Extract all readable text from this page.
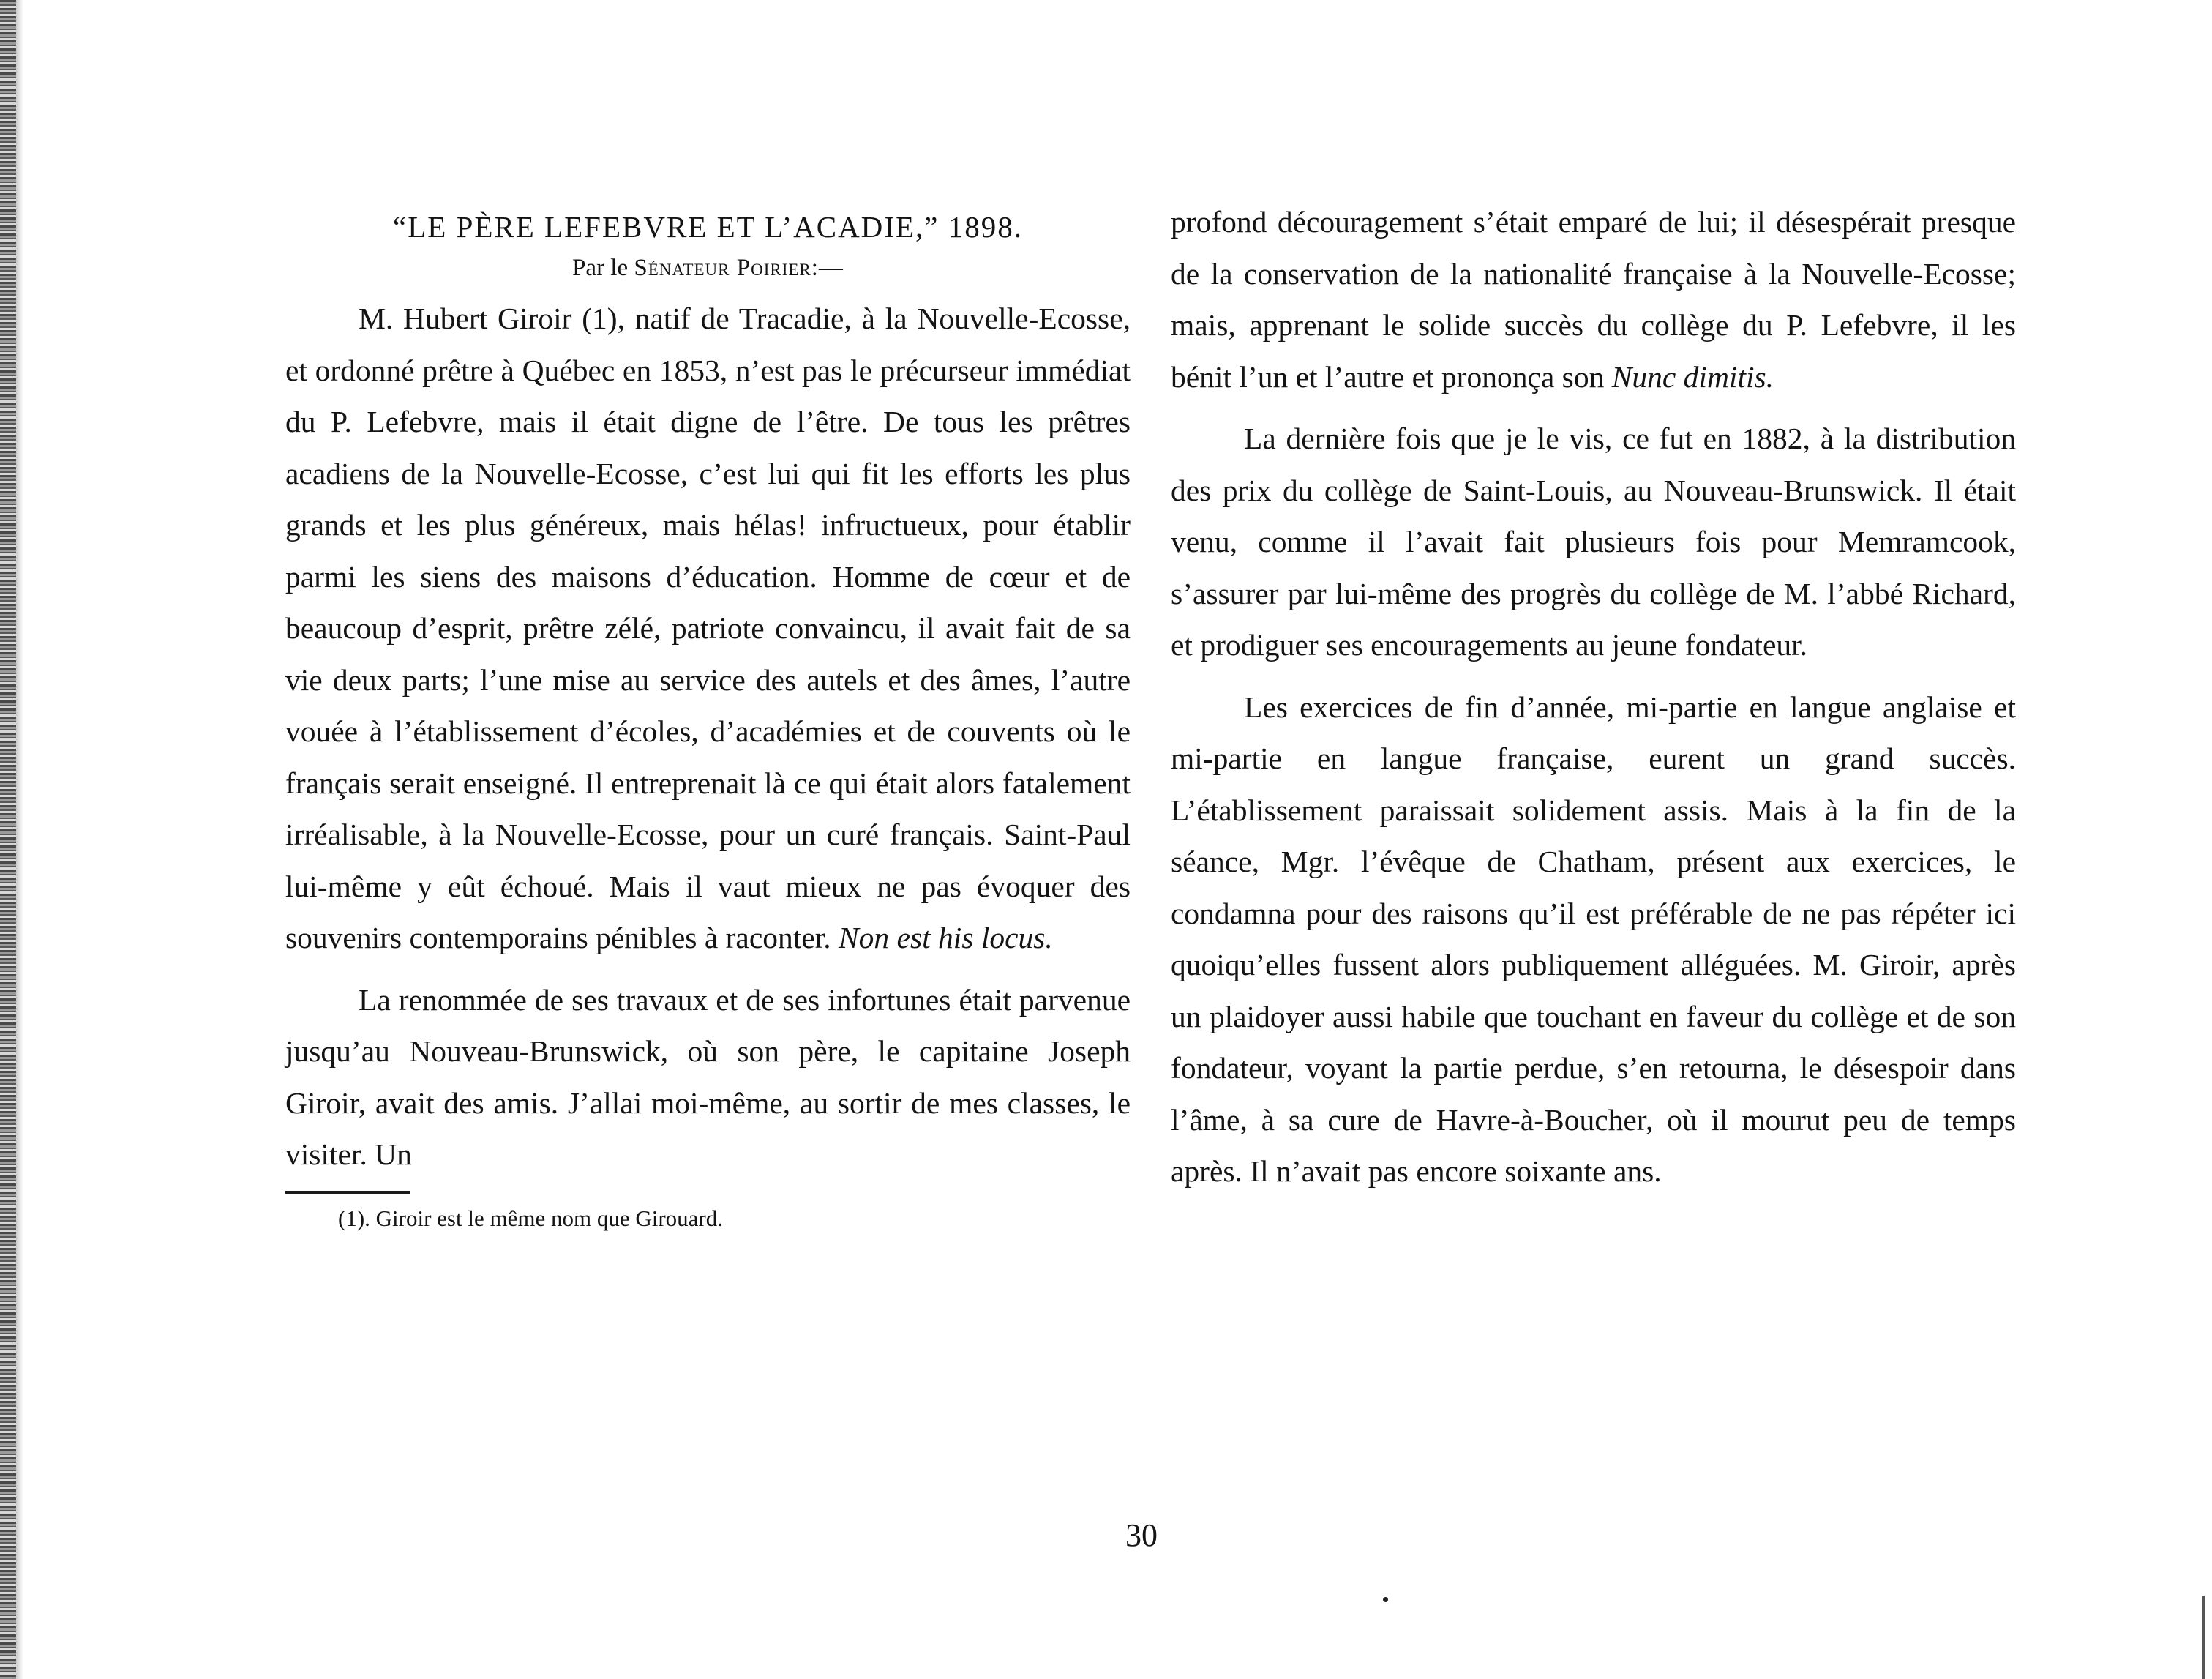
“LE PÈRE LEFEBVRE ET L’ACADIE,” 1898.
Par le Sénateur Poirier:—

M. Hubert Giroir (1), natif de Tracadie, à la Nouvelle-Ecosse, et ordonné prêtre à Québec en 1853, n’est pas le précurseur immédiat du P. Lefebvre, mais il était digne de l’être. De tous les prêtres acadiens de la Nouvelle-Ecosse, c’est lui qui fit les efforts les plus grands et les plus généreux, mais hélas! infructueux, pour établir parmi les siens des maisons d’éducation. Homme de cœur et de beaucoup d’esprit, prêtre zélé, patriote convaincu, il avait fait de sa vie deux parts; l’une mise au service des autels et des âmes, l’autre vouée à l’établissement d’écoles, d’académies et de couvents où le français serait enseigné. Il entreprenait là ce qui était alors fatalement irréalisable, à la Nouvelle-Ecosse, pour un curé français. Saint-Paul lui-même y eût échoué. Mais il vaut mieux ne pas évoquer des souvenirs contemporains pénibles à raconter. Non est his locus.

La renommée de ses travaux et de ses infortunes était parvenue jusqu’au Nouveau-Brunswick, où son père, le capitaine Joseph Giroir, avait des amis. J’allai moi-même, au sortir de mes classes, le visiter. Un

(1). Giroir est le même nom que Girouard.

profond découragement s’était emparé de lui; il désespérait presque de la conservation de la nationalité française à la Nouvelle-Ecosse; mais, apprenant le solide succès du collège du P. Lefebvre, il les bénit l’un et l’autre et prononça son Nunc dimitis.

La dernière fois que je le vis, ce fut en 1882, à la distribution des prix du collège de Saint-Louis, au Nouveau-Brunswick. Il était venu, comme il l’avait fait plusieurs fois pour Memramcook, s’assurer par lui-même des progrès du collège de M. l’abbé Richard, et prodiguer ses encouragements au jeune fondateur.

Les exercices de fin d’année, mi-partie en langue anglaise et mi-partie en langue française, eurent un grand succès. L’établissement paraissait solidement assis. Mais à la fin de la séance, Mgr. l’évêque de Chatham, présent aux exercices, le condamna pour des raisons qu’il est préférable de ne pas répéter ici quoiqu’elles fussent alors publiquement alléguées. M. Giroir, après un plaidoyer aussi habile que touchant en faveur du collège et de son fondateur, voyant la partie perdue, s’en retourna, le désespoir dans l’âme, à sa cure de Havre-à-Boucher, où il mourut peu de temps après. Il n’avait pas encore soixante ans.

30
